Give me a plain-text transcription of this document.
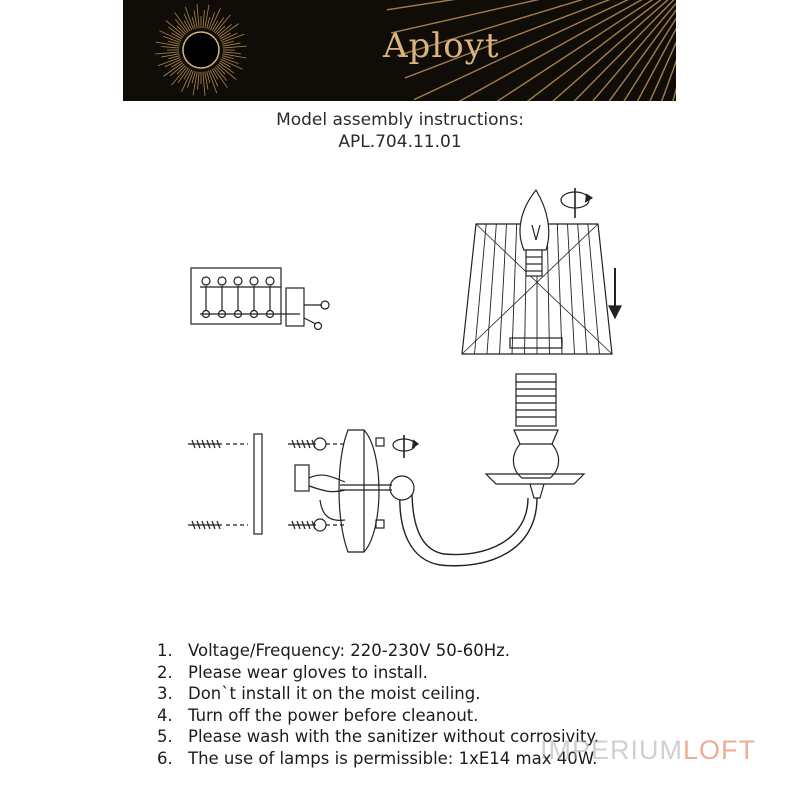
Aployt
Model assembly instructions:
APL.704.11.01
1. Voltage/Frequency: 220-230V 50-60Hz.
2. Please wear gloves to install.
3. Don`t install it on the moist ceiling.
4. Turn off the power before cleanout.
5. Please wash with the sanitizer without corrosivity.
6. The use of lamps is permissible: 1xE14 max 40W.
IMPERIUMLOFT
